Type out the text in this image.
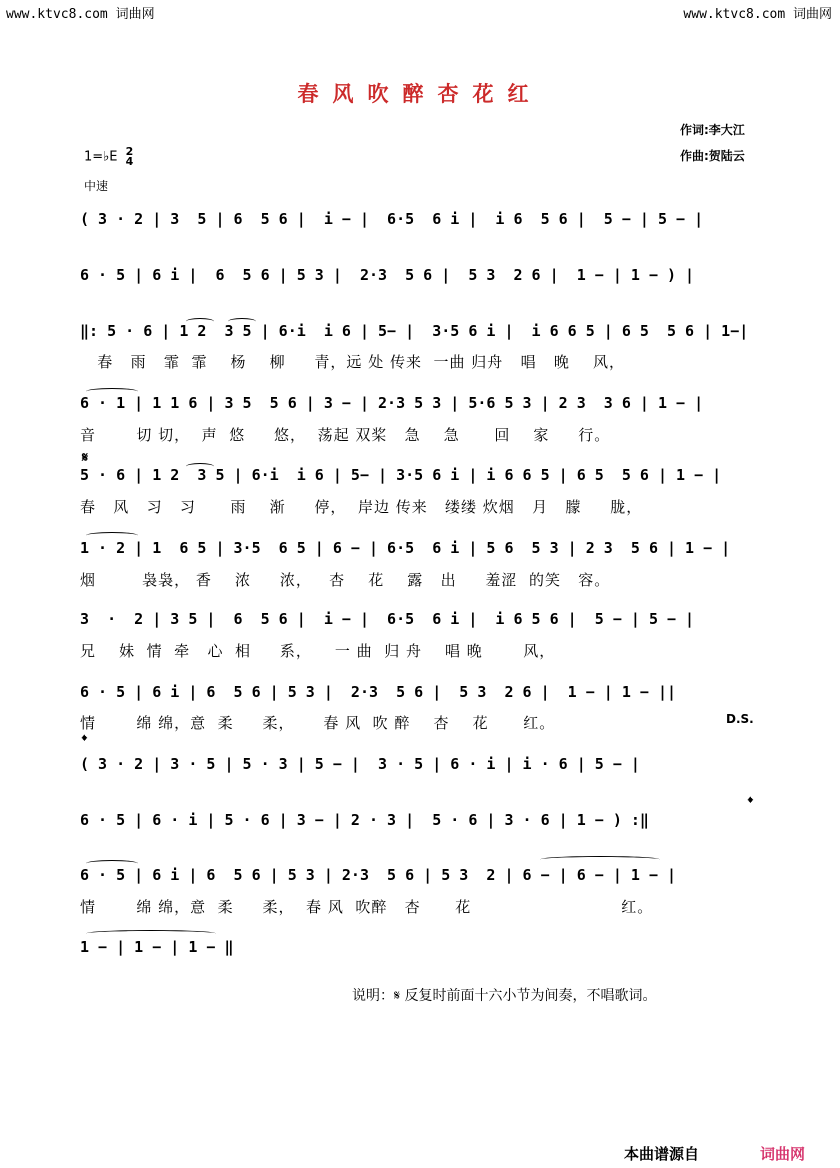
www.ktvc8.com 词曲网	www.ktvc8.com 词曲网
春风吹醉杏花红
作词:李大江
作曲:贺陆云
1=♭E 2
4
中速
( 3 · 2 | 3  5 | 6  5 6 |  i − |  6·5  6 i |  i 6  5 6 |  5 − | 5 − |
6 · 5 | 6 i |  6  5 6 | 5 3 |  2·3  5 6 |  5 3  2 6 |  1 − | 1 − ) |
‖: 5 · 6 | 1 2  3 5 | 6·i  i 6 | 5− |  3·5 6 i |  i 6 6 5 | 6 5  5 6 | 1−|
春   雨   霏  霏    杨    柳     青，远 处 传来  一曲 归舟   唱   晚    风，
6 · 1 | 1 1 6 | 3 5  5 6 | 3 − | 2·3 5 3 | 5·6 5 3 | 2 3  3 6 | 1 − |
音       切 切，  声  悠     悠，  荡起 双桨   急    急      回    家     行。
𝄋
5 · 6 | 1 2  3 5 | 6·i  i 6 | 5− | 3·5 6 i | i 6 6 5 | 6 5  5 6 | 1 − |
春   风   习   习      雨    渐     停，  岸边 传来   缕缕 炊烟   月   朦     胧，
1 · 2 | 1  6 5 | 3·5  6 5 | 6 − | 6·5  6 i | 5 6  5 3 | 2 3  5 6 | 1 − |
烟        袅袅， 香    浓     浓，   杏    花    露   出     羞涩  的笑   容。
3  ·  2 | 3 5 |  6  5 6 |  i − |  6·5  6 i |  i 6 5 6 |  5 − | 5 − |
兄    妹  情  牵   心  相     系，    一 曲  归 舟    唱 晚       风，
6 · 5 | 6 i | 6  5 6 | 5 3 |  2·3  5 6 |  5 3  2 6 |  1 − | 1 − ||
情       绵 绵，意  柔     柔，     春 风  吹 醉    杏    花      红。	D.S.
𝄌
( 3 · 2 | 3 · 5 | 5 · 3 | 5 − |  3 · 5 | 6 · i | i · 6 | 5 − |
𝄌
6 · 5 | 6 · i | 5 · 6 | 3 − | 2 · 3 |  5 · 6 | 3 · 6 | 1 − ) :‖
6 · 5 | 6 i | 6  5 6 | 5 3 | 2·3  5 6 | 5 3  2 | 6 − | 6 − | 1 − |
情       绵 绵，意  柔     柔，  春 风  吹醉   杏      花                          红。
1 − | 1 − | 1 − ‖
说明：𝄋 反复时前面十六小节为间奏，不唱歌词。
本曲谱源自	词曲网
